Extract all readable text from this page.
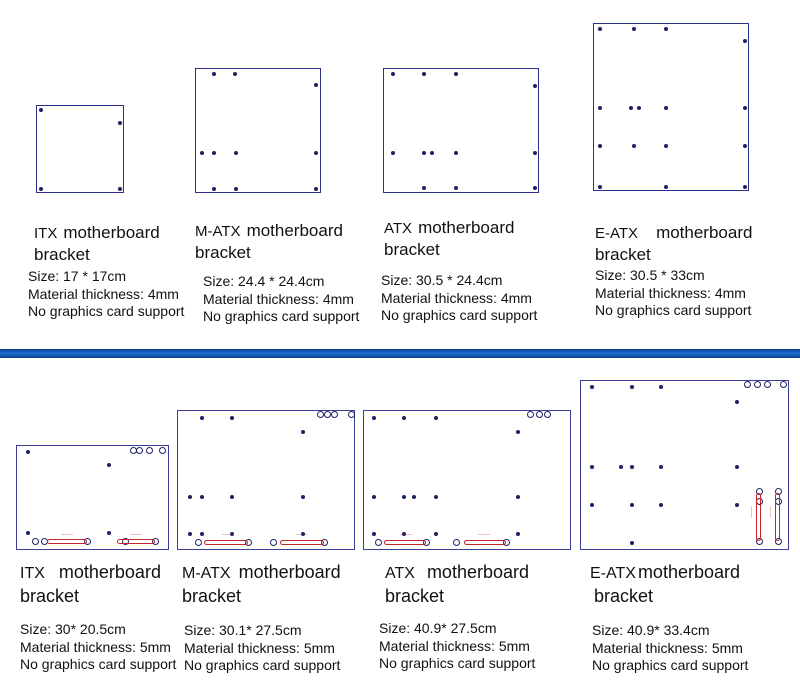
ITX motherboard
bracket
Size: 17 * 17cm
Material thickness: 4mm
No graphics card support
M-ATX motherboard
bracket
Size: 24.4 * 24.4cm
Material thickness: 4mm
No graphics card support
ATX motherboard
bracket
Size: 30.5 * 24.4cm
Material thickness: 4mm
No graphics card support
E-ATX motherboard
bracket
Size: 30.5 * 33cm
Material thickness: 4mm
No graphics card support
———	———	———	———	———	———
———	———
ITX motherboard
bracket
Size: 30* 20.5cm
Material thickness: 5mm
No graphics card support
M-ATX motherboard
bracket
Size: 30.1* 27.5cm
Material thickness: 5mm
No graphics card support
ATX motherboard
bracket
Size: 40.9* 27.5cm
Material thickness: 5mm
No graphics card support
E-ATX motherboard
bracket
Size: 40.9* 33.4cm
Material thickness: 5mm
No graphics card support
